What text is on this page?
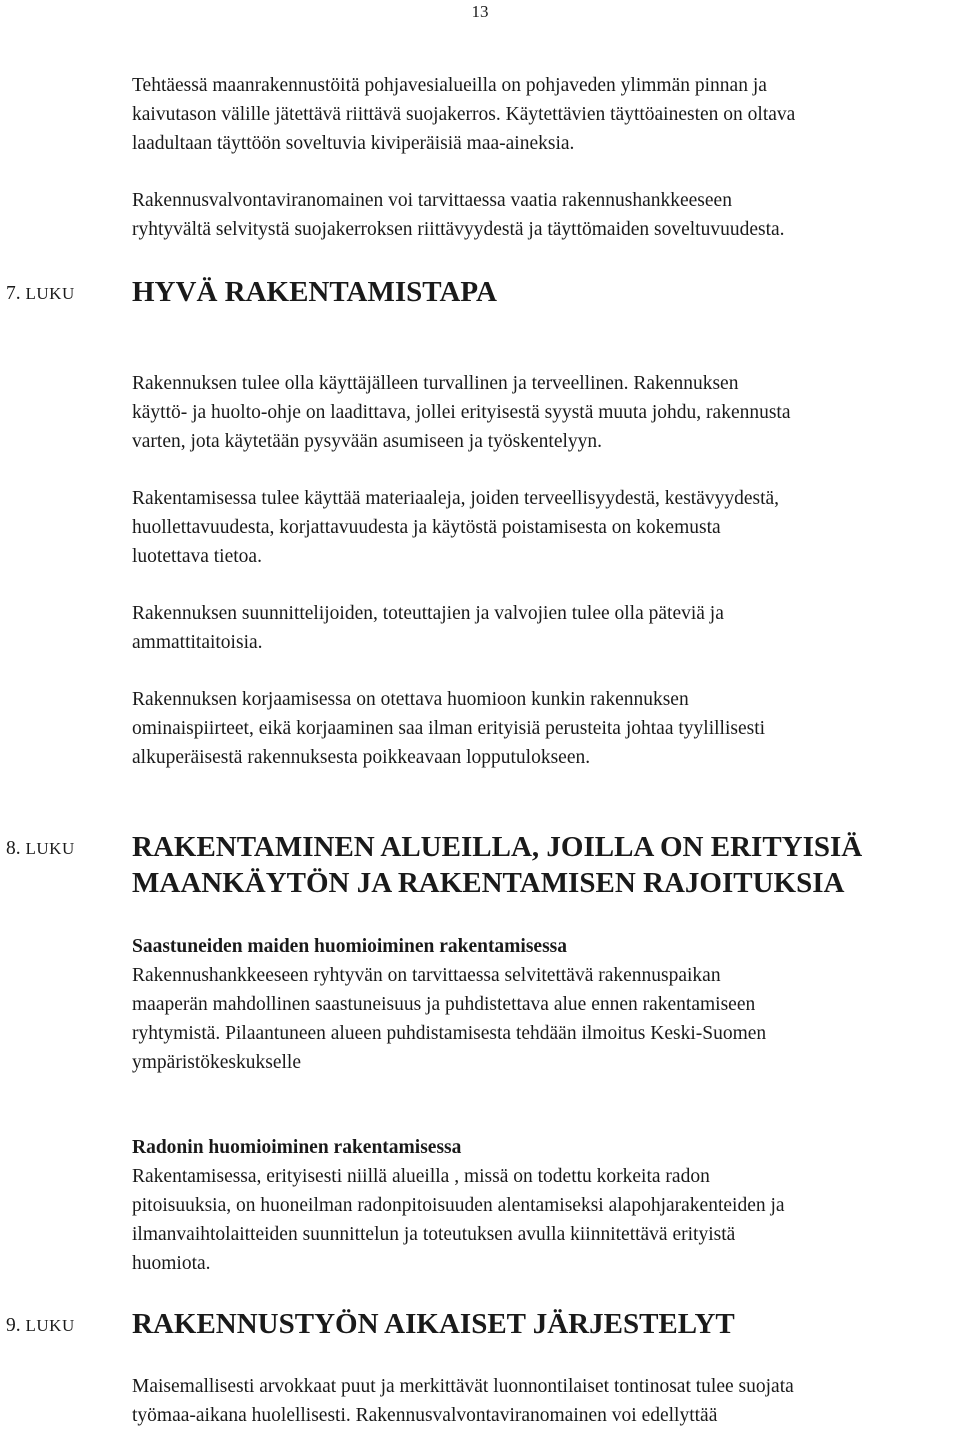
13

Tehtäessä maanrakennustöitä pohjavesialueilla on pohjaveden ylimmän pinnan ja
kaivutason välille jätettävä riittävä suojakerros. Käytettävien täyttöainesten on oltava
laadultaan täyttöön soveltuvia kiviperäisiä maa-aineksia.

Rakennusvalvontaviranomainen voi tarvittaessa vaatia rakennushankkeeseen
ryhtyvältä selvitystä suojakerroksen riittävyydestä ja täyttömaiden soveltuvuudesta.

7. LUKU HYVÄ RAKENTAMISTAPA

Rakennuksen tulee olla käyttäjälleen turvallinen ja terveellinen. Rakennuksen
käyttö- ja huolto-ohje on laadittava, jollei erityisestä syystä muuta johdu, rakennusta
varten, jota käytetään pysyvään asumiseen ja työskentelyyn.

Rakentamisessa tulee käyttää materiaaleja, joiden terveellisyydestä, kestävyydestä,
huollettavuudesta, korjattavuudesta ja käytöstä poistamisesta on kokemusta
luotettava tietoa.

Rakennuksen suunnittelijoiden, toteuttajien ja valvojien tulee olla päteviä ja
ammattitaitoisia.

Rakennuksen korjaamisessa on otettava huomioon kunkin rakennuksen
ominaispiirteet, eikä korjaaminen saa ilman erityisiä perusteita johtaa tyylillisesti
alkuperäisestä rakennuksesta poikkeavaan lopputulokseen.

8. LUKU RAKENTAMINEN ALUEILLA, JOILLA ON ERITYISIÄ
MAANKÄYTÖN JA RAKENTAMISEN RAJOITUKSIA
Saastuneiden maiden huomioiminen rakentamisessa

Rakennushankkeeseen ryhtyvän on tarvittaessa selvitettävä rakennuspaikan
maaperän mahdollinen saastuneisuus ja puhdistettava alue ennen rakentamiseen
ryhtymistä. Pilaantuneen alueen puhdistamisesta tehdään ilmoitus Keski-Suomen
ympäristökeskukselle

Radonin huomioiminen rakentamisessa

Rakentamisessa, erityisesti niillä alueilla , missä on todettu korkeita radon
pitoisuuksia, on huoneilman radonpitoisuuden alentamiseksi alapohjarakenteiden ja
ilmanvaihtolaitteiden suunnittelun ja toteutuksen avulla kiinnitettävä erityistä
huomiota.

9. LUKU RAKENNUSTYÖN AIKAISET JÄRJESTELYT

Maisemallisesti arvokkaat puut ja merkittävät luonnontilaiset tontinosat tulee suojata
työmaa-aikana huolellisesti. Rakennusvalvontaviranomainen voi edellyttää
